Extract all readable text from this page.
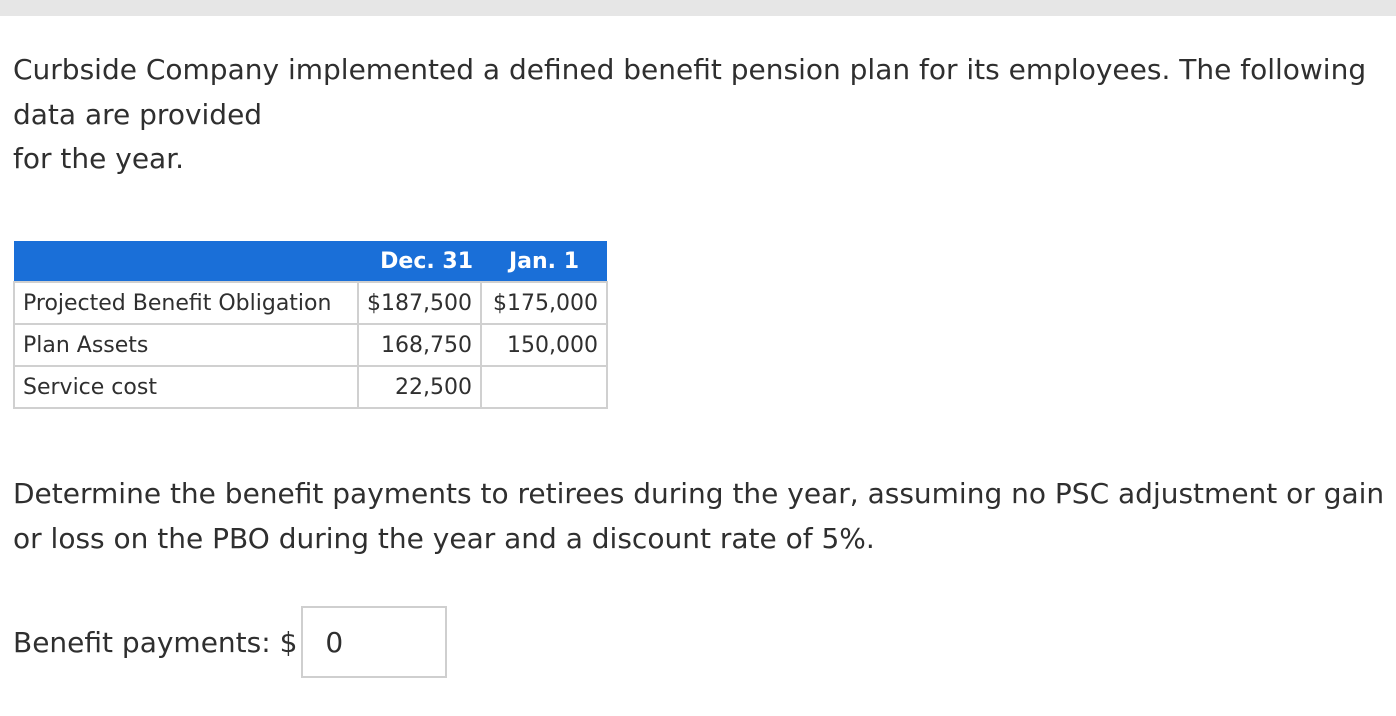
Curbside Company implemented a defined benefit pension plan for its employees. The following
data are provided
for the year.

	Dec. 31	Jan. 1
Projected Benefit Obligation	$187,500	$175,000
Plan Assets	168,750	150,000
Service cost	22,500	

Determine the benefit payments to retirees during the year, assuming no PSC adjustment or gain
or loss on the PBO during the year and a discount rate of 5%.

Benefit payments: $
0
